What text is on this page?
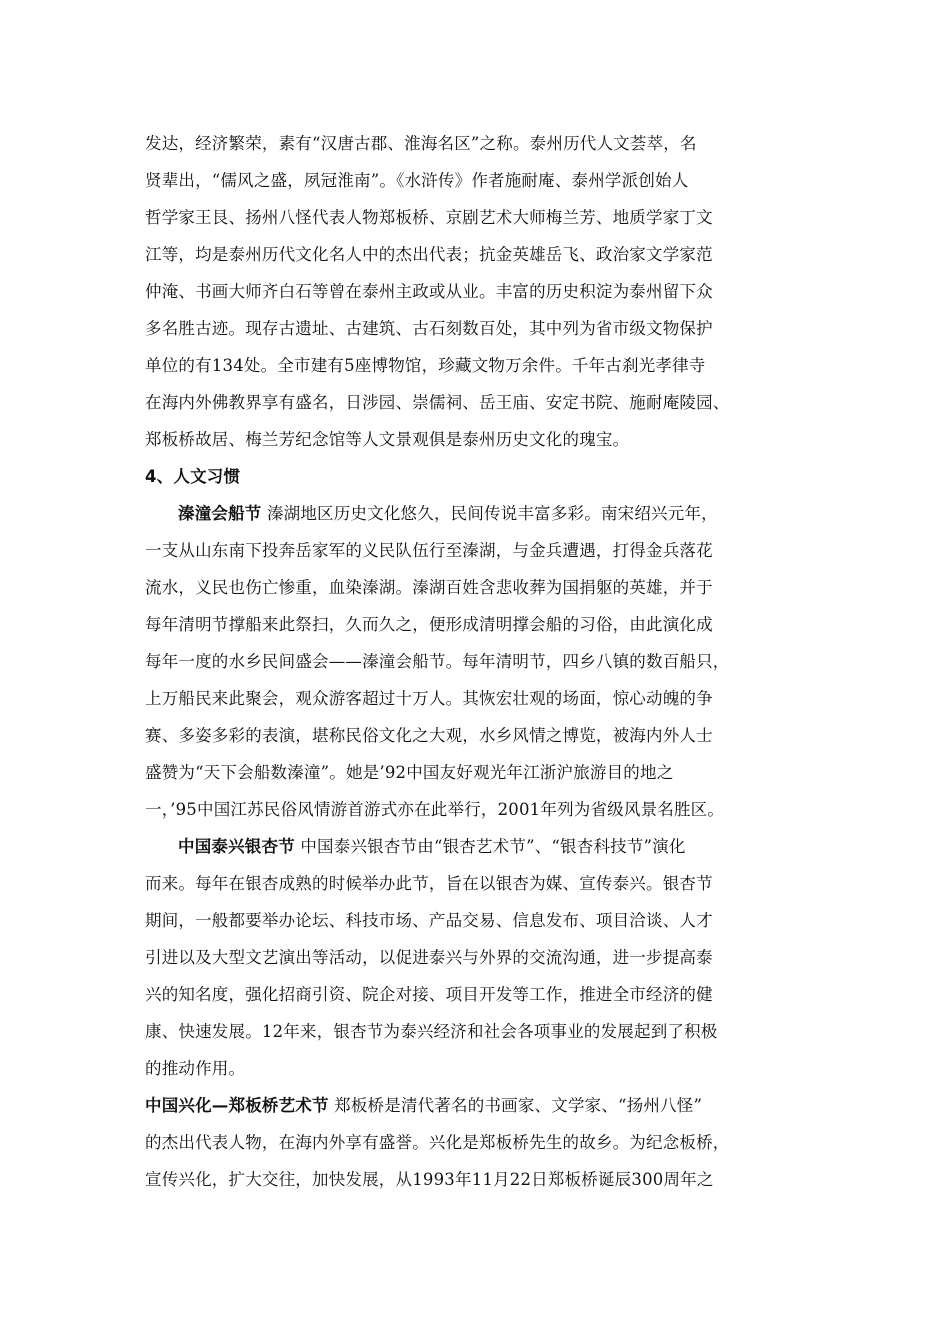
发达，经济繁荣，素有“汉唐古郡、淮海名区”之称。泰州历代人文荟萃，名
贤辈出，“儒风之盛，夙冠淮南”。《水浒传》作者施耐庵、泰州学派创始人
哲学家王艮、扬州八怪代表人物郑板桥、京剧艺术大师梅兰芳、地质学家丁文
江等，均是泰州历代文化名人中的杰出代表；抗金英雄岳飞、政治家文学家范
仲淹、书画大师齐白石等曾在泰州主政或从业。丰富的历史积淀为泰州留下众
多名胜古迹。现存古遗址、古建筑、古石刻数百处，其中列为省市级文物保护
单位的有134处。全市建有5座博物馆，珍藏文物万余件。千年古刹光孝律寺
在海内外佛教界享有盛名，日涉园、崇儒祠、岳王庙、安定书院、施耐庵陵园、
郑板桥故居、梅兰芳纪念馆等人文景观俱是泰州历史文化的瑰宝。
4、人文习惯
溱潼会船节 溱湖地区历史文化悠久，民间传说丰富多彩。南宋绍兴元年，
一支从山东南下投奔岳家军的义民队伍行至溱湖，与金兵遭遇，打得金兵落花
流水，义民也伤亡惨重，血染溱湖。溱湖百姓含悲收葬为国捐躯的英雄，并于
每年清明节撑船来此祭扫，久而久之，便形成清明撑会船的习俗，由此演化成
每年一度的水乡民间盛会——溱潼会船节。每年清明节，四乡八镇的数百船只，
上万船民来此聚会，观众游客超过十万人。其恢宏壮观的场面，惊心动魄的争
赛、多姿多彩的表演，堪称民俗文化之大观，水乡风情之博览，被海内外人士
盛赞为“天下会船数溱潼”。她是’92中国友好观光年江浙沪旅游目的地之
一，’95中国江苏民俗风情游首游式亦在此举行，2001年列为省级风景名胜区。
中国泰兴银杏节 中国泰兴银杏节由“银杏艺术节”、“银杏科技节”演化
而来。每年在银杏成熟的时候举办此节，旨在以银杏为媒、宣传泰兴。银杏节
期间，一般都要举办论坛、科技市场、产品交易、信息发布、项目洽谈、人才
引进以及大型文艺演出等活动，以促进泰兴与外界的交流沟通，进一步提高泰
兴的知名度，强化招商引资、院企对接、项目开发等工作，推进全市经济的健
康、快速发展。12年来，银杏节为泰兴经济和社会各项事业的发展起到了积极
的推动作用。
中国兴化—郑板桥艺术节 郑板桥是清代著名的书画家、文学家、“扬州八怪”
的杰出代表人物，在海内外享有盛誉。兴化是郑板桥先生的故乡。为纪念板桥，
宣传兴化，扩大交往，加快发展，从1993年11月22日郑板桥诞辰300周年之
